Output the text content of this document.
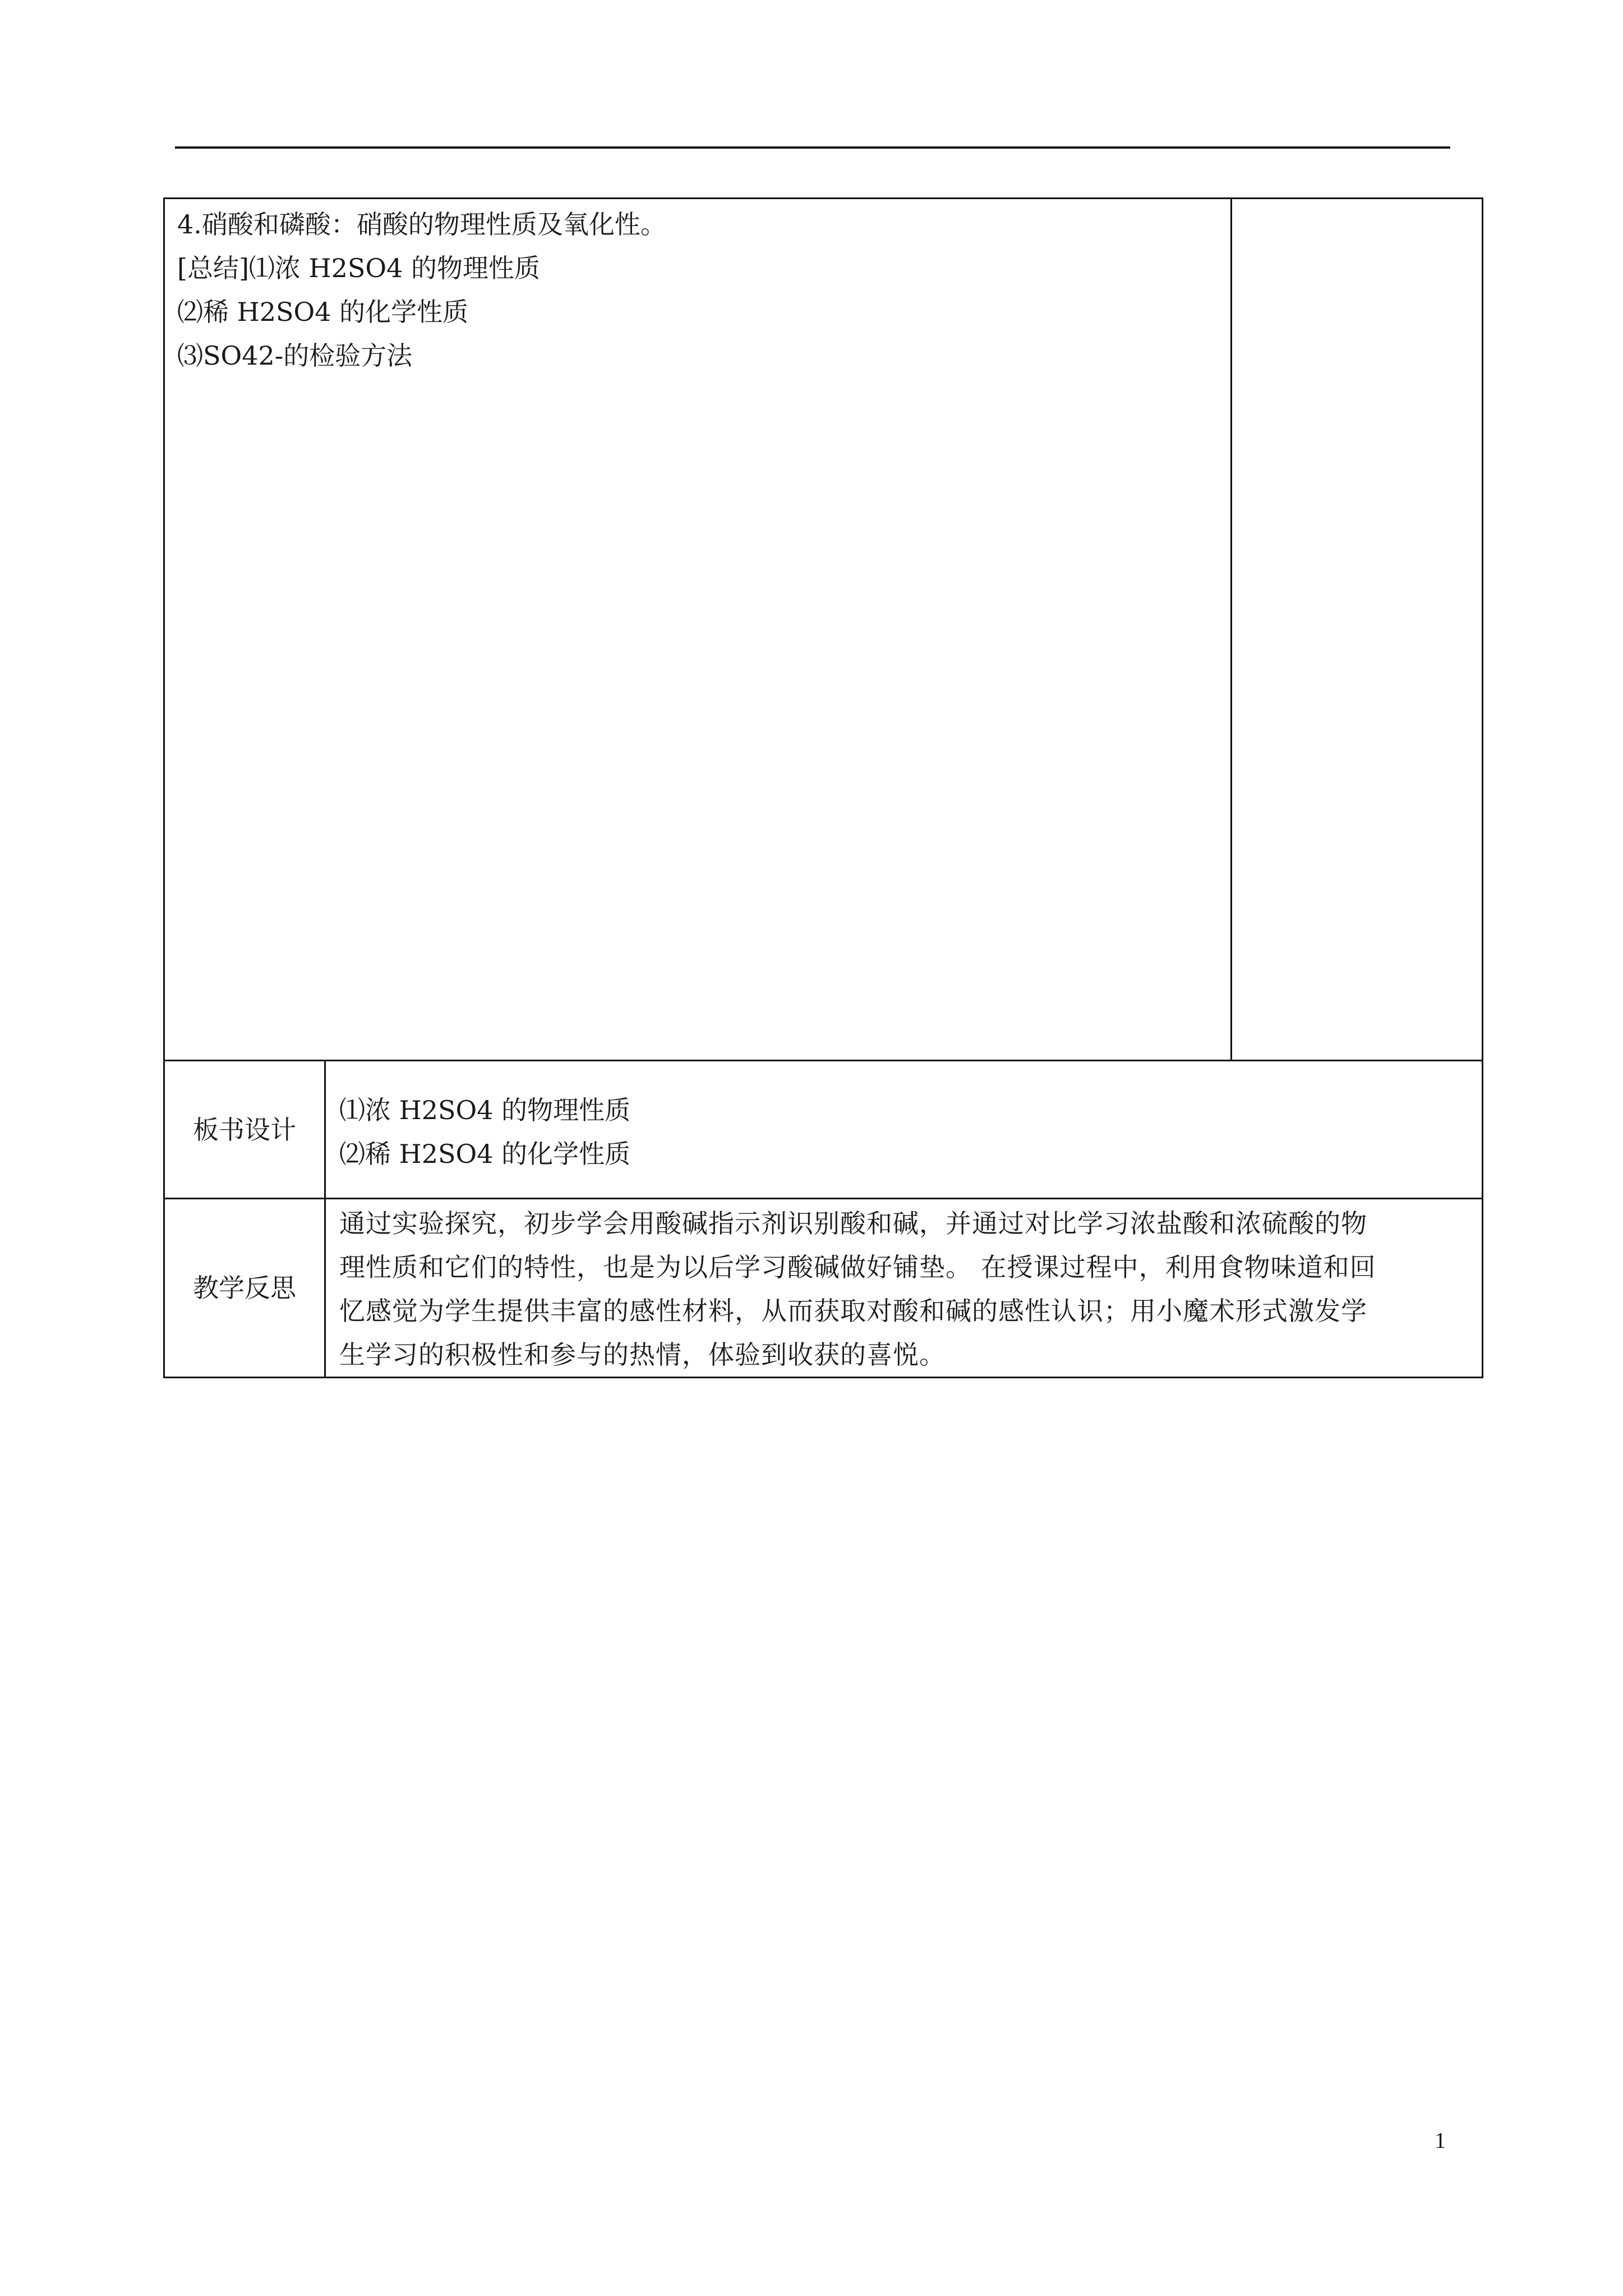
4.硝酸和磷酸：硝酸的物理性质及氧化性。
[总结]⑴浓 H2SO4 的物理性质
⑵稀 H2SO4 的化学性质
⑶SO42-的检验方法		

板书设计	⑴浓 H2SO4 的物理性质
⑵稀 H2SO4 的化学性质	

教学反思	通过实验探究，初步学会用酸碱指示剂识别酸和碱，并通过对比学习浓盐酸和浓硫酸的物
理性质和它们的特性，也是为以后学习酸碱做好铺垫。 在授课过程中，利用食物味道和回
忆感觉为学生提供丰富的感性材料，从而获取对酸和碱的感性认识；用小魔术形式激发学
生学习的积极性和参与的热情，体验到收获的喜悦。	
1
